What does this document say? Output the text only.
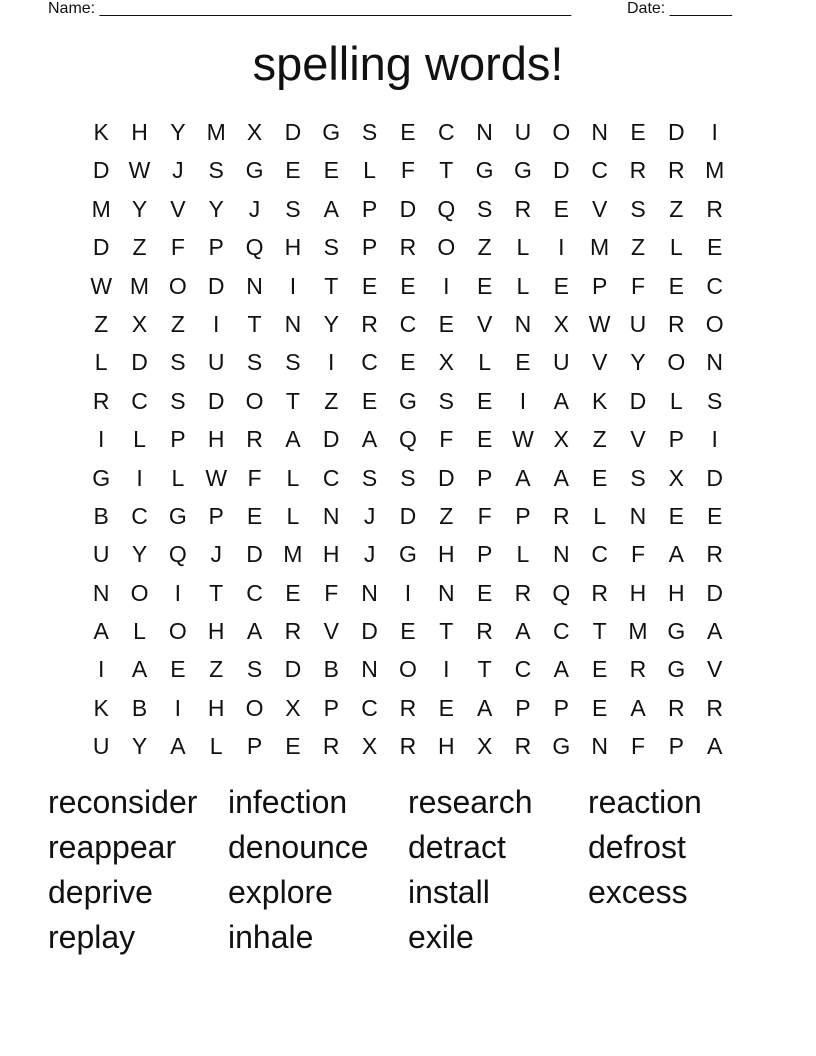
Name: _____________________________________________________	Date: _______
spelling words!
K H Y M X D G S	E C N U O N E D	I
D W J	S G E	E	L	F	T G G D C R R M
M Y	V	Y	J	S	A	P D Q S R E	V	S	Z	R
D	Z	F	P Q H S	P R O Z	L	I	M Z	L	E
W M O D N	I	T	E	E	I	E	L	E	P	F	E C
Z	X	Z	I	T	N Y R C E	V N X W U R O
L	D S U S	S	I	C E	X	L	E U V	Y O N
R C S D O T	Z	E G S	E	I	A	K D	L	S
I	L	P H R A D A Q F	E W X	Z	V	P	I
G	I	L W F	L	C S	S D P	A	A	E	S	X D
B C G P	E	L	N	J	D	Z	F	P R	L	N E	E
U Y Q	J	D M H	J	G H P	L	N C	F	A R
N O	I	T	C E	F	N	I	N E R Q R H H D
A	L	O H A R V D E	T	R A C	T M G A
I	A	E	Z	S D B N O	I	T	C A	E R G V
K	B	I	H O X	P C R E	A	P	P	E	A R R
U Y	A	L	P	E R X R H X R G N	F	P	A
reconsider infection	research	reaction
reappear	denounce	detract	defrost
deprive	explore	install	excess
replay	inhale	exile
